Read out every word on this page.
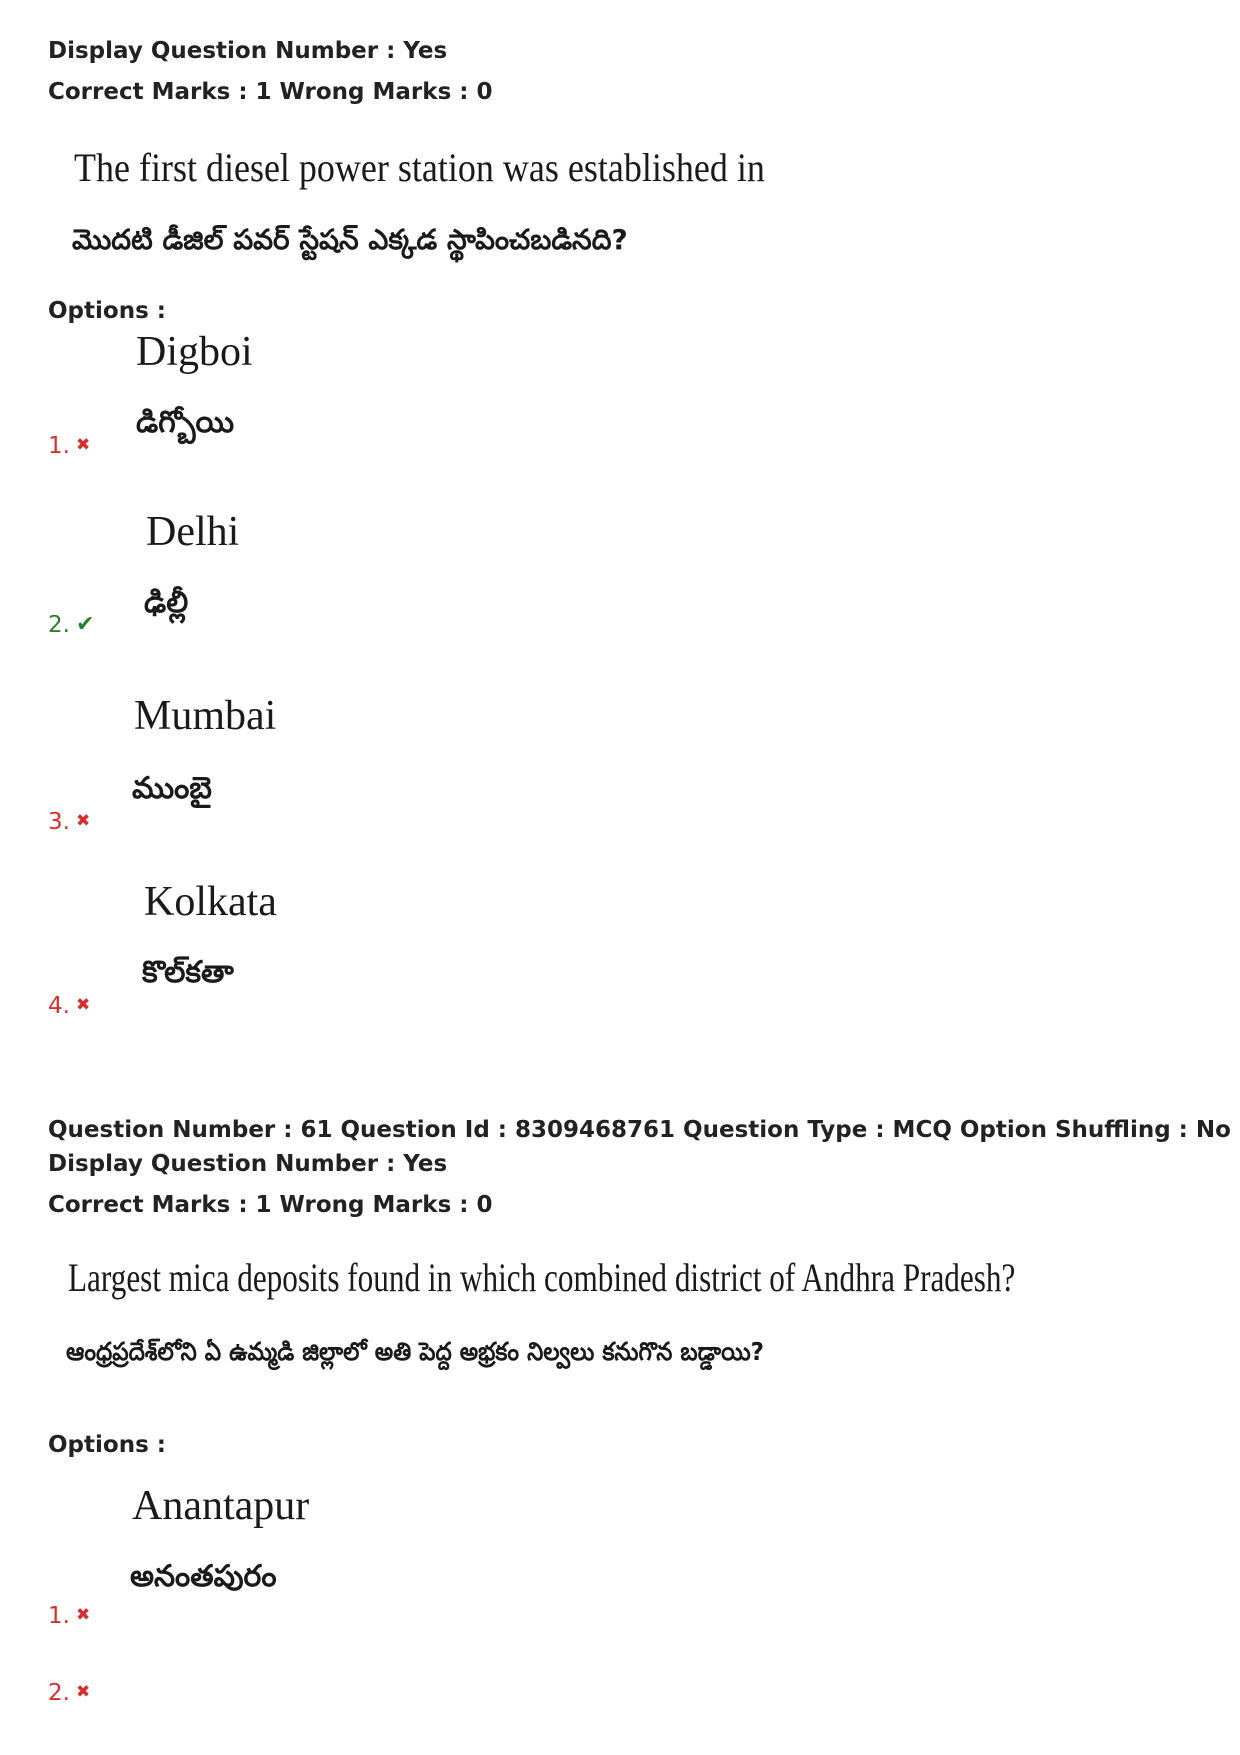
Display Question Number : Yes
Correct Marks : 1 Wrong Marks : 0
The first diesel power station was established in
మొదటి డీజిల్ పవర్ స్టేషన్ ఎక్కడ స్థాపించబడినది?
Options :
Digboi
డిగ్బోయి
1. ✖
Delhi
ఢిల్లీ
2. ✔
Mumbai
ముంబై
3. ✖
Kolkata
కొల్‌కతా
4. ✖
Question Number : 61 Question Id : 8309468761 Question Type : MCQ Option Shuffling : No
Display Question Number : Yes
Correct Marks : 1 Wrong Marks : 0
Largest mica deposits found in which combined district of Andhra Pradesh?
ఆంధ్రప్రదేశ్‌లోని ఏ ఉమ్మడి జిల్లాలో అతి పెద్ద అభ్రకం నిల్వలు కనుగొన బడ్డాయి?
Options :
Anantapur
అనంతపురం
1. ✖
2. ✖
